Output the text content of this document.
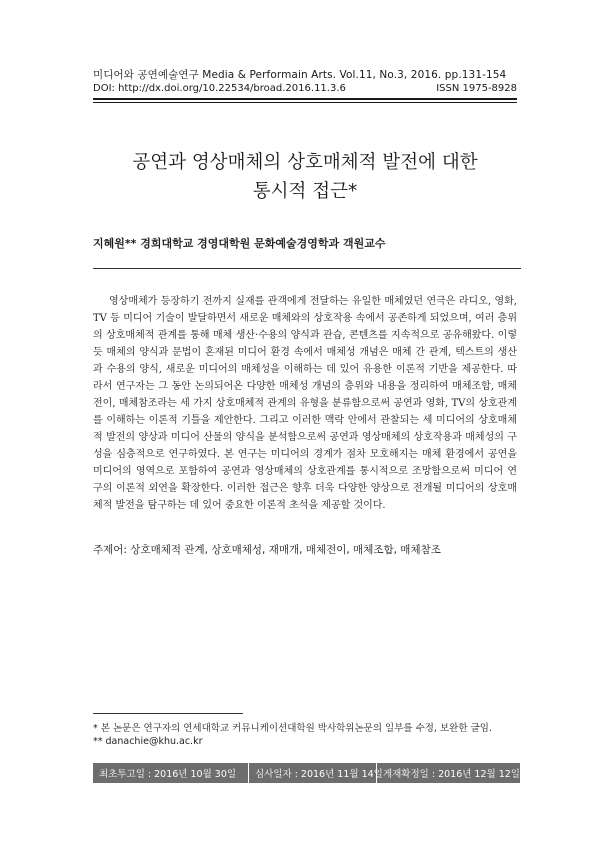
미디어와 공연예술연구 Media & Performain Arts. Vol.11, No.3, 2016. pp.131-154
DOI: http://dx.doi.org/10.22534/broad.2016.11.3.6	ISSN 1975-8928
공연과 영상매체의 상호매체적 발전에 대한
통시적 접근*
지혜원** 경희대학교 경영대학원 문화예술경영학과 객원교수

영상매체가 등장하기 전까지 실재를 관객에게 전달하는 유일한 매체였던 연극은 라디오, 영화, TV 등 미디어 기술이 발달하면서 새로운 매체와의 상호작용 속에서 공존하게 되었으며, 여러 층위의 상호매체적 관계를 통해 매체 생산·수용의 양식과 관습, 콘텐츠를 지속적으로 공유해왔다. 이렇듯 매체의 양식과 문법이 혼재된 미디어 환경 속에서 매체성 개념은 매체 간 관계, 텍스트의 생산과 수용의 양식, 새로운 미디어의 매체성을 이해하는 데 있어 유용한 이론적 기반을 제공한다. 따라서 연구자는 그 동안 논의되어온 다양한 매체성 개념의 층위와 내용을 정리하여 매체조합, 매체전이, 매체참조라는 세 가지 상호매체적 관계의 유형을 분류함으로써 공연과 영화, TV의 상호관계를 이해하는 이론적 기틀을 제안한다. 그리고 이러한 맥락 안에서 관찰되는 세 미디어의 상호매체적 발전의 양상과 미디어 산물의 양식을 분석함으로써 공연과 영상매체의 상호작용과 매체성의 구성을 심층적으로 연구하였다. 본 연구는 미디어의 경계가 점차 모호해지는 매체 환경에서 공연을 미디어의 영역으로 포함하여 공연과 영상매체의 상호관계를 통시적으로 조망함으로써 미디어 연구의 이론적 외연을 확장한다. 이러한 접근은 향후 더욱 다양한 양상으로 전개될 미디어의 상호매체적 발전을 탐구하는 데 있어 중요한 이론적 초석을 제공할 것이다.

주제어: 상호매체적 관계, 상호매체성, 재매개, 매체전이, 매체조합, 매체참조
* 본 논문은 연구자의 연세대학교 커뮤니케이션대학원 박사학위논문의 일부를 수정, 보완한 글임.
** danachie@khu.ac.kr
최초투고일 : 2016년 10월 30일	심사일자 : 2016년 11월 14일 게재확정일 : 2016년 12월 12일
